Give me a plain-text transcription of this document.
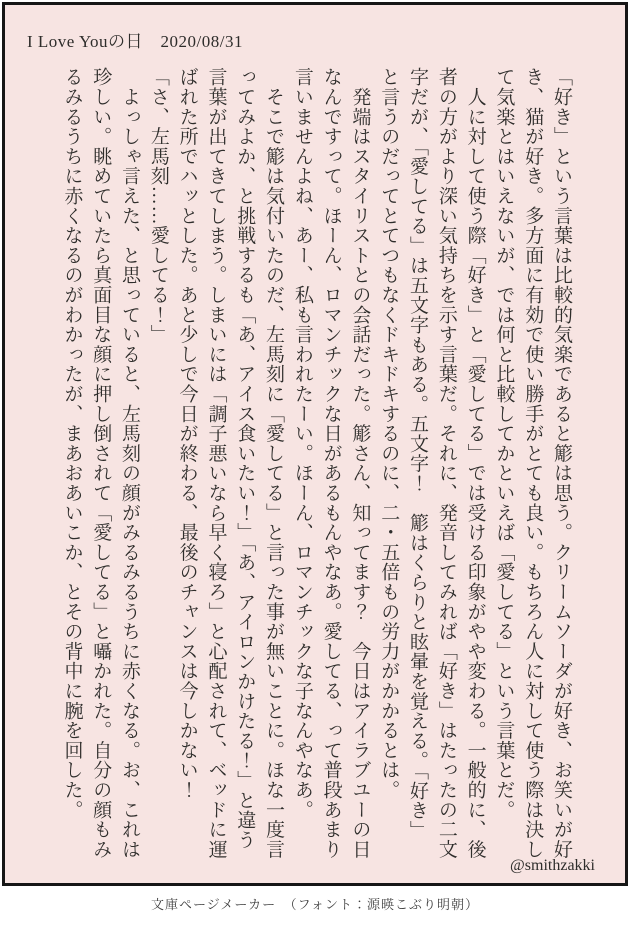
I Love Youの日　2020/08/31

「好き」という言葉は比較的気楽であると簓は思う。クリームソーダが好き、お笑いが好き、猫が好き。多方面に有効で使い勝手がとても良い。もちろん人に対して使う際は決して気楽とはいえないが、では何と比較してかといえば「愛してる」という言葉とだ。

　人に対して使う際「好き」と「愛してる」では受ける印象がやや変わる。一般的に、後者の方がより深い気持ちを示す言葉だ。それに、発音してみれば「好き」はたったの二文字だが、「愛してる」は五文字もある。五文字！　簓はくらりと眩暈を覚える。「好き」と言うのだってとてつもなくドキドキするのに、二・五倍もの労力がかかるとは。

　発端はスタイリストとの会話だった。簓さん、知ってます？　今日はアイラブユーの日なんですって。ほーん、ロマンチックな日があるもんやなあ。愛してる、って普段あまり言いませんよね、あー、私も言われたーい。ほーん、ロマンチックな子なんやなあ。

　そこで簓は気付いたのだ、左馬刻に「愛してる」と言った事が無いことに。ほな一度言ってみよか、と挑戦するも「あ、アイス食いたい！」「あ、アイロンかけたる！」と違う言葉が出てきてしまう。しまいには「調子悪いなら早く寝ろ」と心配されて、ベッドに運ばれた所でハッとした。あと少しで今日が終わる、最後のチャンスは今しかない！

「さ、左馬刻……愛してる！」

　よっしゃ言えた、と思っていると、左馬刻の顔がみるみるうちに赤くなる。お、これは珍しい。眺めていたら真面目な顔に押し倒されて「愛してる」と囁かれた。自分の顔もみるみるうちに赤くなるのがわかったが、まあおあいこか、とその背中に腕を回した。

@smithzakki
文庫ページメーカー　（フォント：源暎こぶり明朝）
